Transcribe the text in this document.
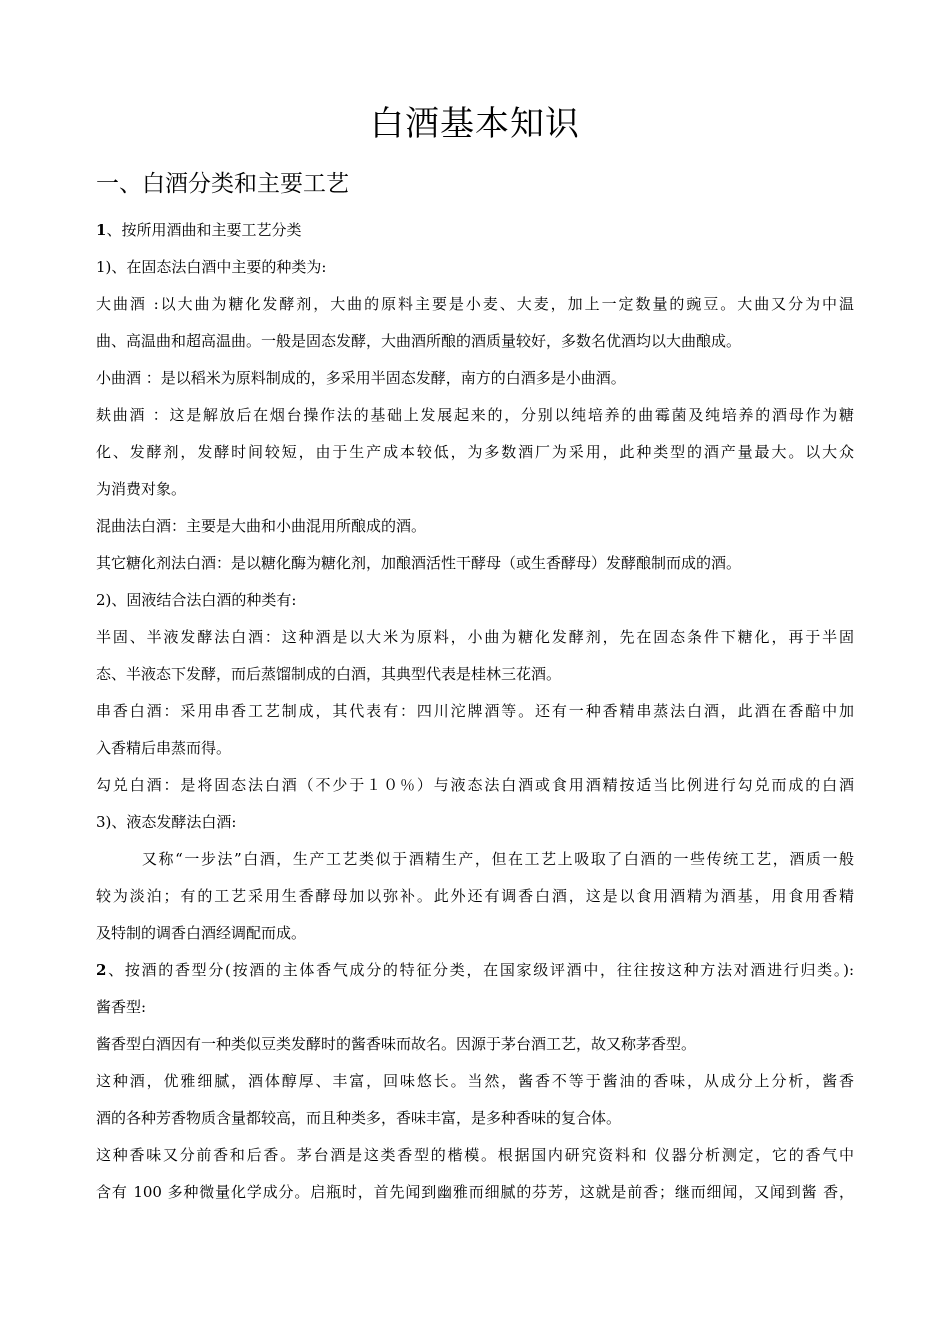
白酒基本知识
一、白酒分类和主要工艺
1、按所用酒曲和主要工艺分类
1)、在固态法白酒中主要的种类为:
大曲酒 :以大曲为糖化发酵剂，大曲的原料主要是小麦、大麦，加上一定数量的豌豆。大曲又分为中温
曲、高温曲和超高温曲。一般是固态发酵，大曲酒所酿的酒质量较好，多数名优酒均以大曲酿成。
小曲酒 ：是以稻米为原料制成的，多采用半固态发酵，南方的白酒多是小曲酒。
麸曲酒 ：这是解放后在烟台操作法的基础上发展起来的，分别以纯培养的曲霉菌及纯培养的酒母作为糖
化、发酵剂，发酵时间较短，由于生产成本较低，为多数酒厂为采用，此种类型的酒产量最大。以大众
为消费对象。
混曲法白酒：主要是大曲和小曲混用所酿成的酒。
其它糖化剂法白酒：是以糖化酶为糖化剂，加酿酒活性干酵母（或生香酵母）发酵酿制而成的酒。
2)、固液结合法白酒的种类有:
半固、半液发酵法白酒：这种酒是以大米为原料，小曲为糖化发酵剂，先在固态条件下糖化，再于半固
态、半液态下发酵，而后蒸馏制成的白酒，其典型代表是桂林三花酒。
串香白酒：采用串香工艺制成，其代表有：四川沱牌酒等。还有一种香精串蒸法白酒，此酒在香醅中加
入香精后串蒸而得。
勾兑白酒：是将固态法白酒（不少于１０％）与液态法白酒或食用酒精按适当比例进行勾兑而成的白酒
3)、液态发酵法白酒:
又称“一步法”白酒，生产工艺类似于酒精生产，但在工艺上吸取了白酒的一些传统工艺，酒质一般
较为淡泊；有的工艺采用生香酵母加以弥补。此外还有调香白酒，这是以食用酒精为酒基，用食用香精
及特制的调香白酒经调配而成。
2、按酒的香型分(按酒的主体香气成分的特征分类，在国家级评酒中，往往按这种方法对酒进行归类。):
酱香型:
酱香型白酒因有一种类似豆类发酵时的酱香味而故名。因源于茅台酒工艺，故又称茅香型。
这种酒，优雅细腻，酒体醇厚、丰富，回味悠长。当然，酱香不等于酱油的香味，从成分上分析，酱香
酒的各种芳香物质含量都较高，而且种类多，香味丰富，是多种香味的复合体。
这种香味又分前香和后香。茅台酒是这类香型的楷模。根据国内研究资料和 仪器分析测定，它的香气中
含有 100 多种微量化学成分。启瓶时，首先闻到幽雅而细腻的芬芳，这就是前香；继而细闻，又闻到酱 香，
